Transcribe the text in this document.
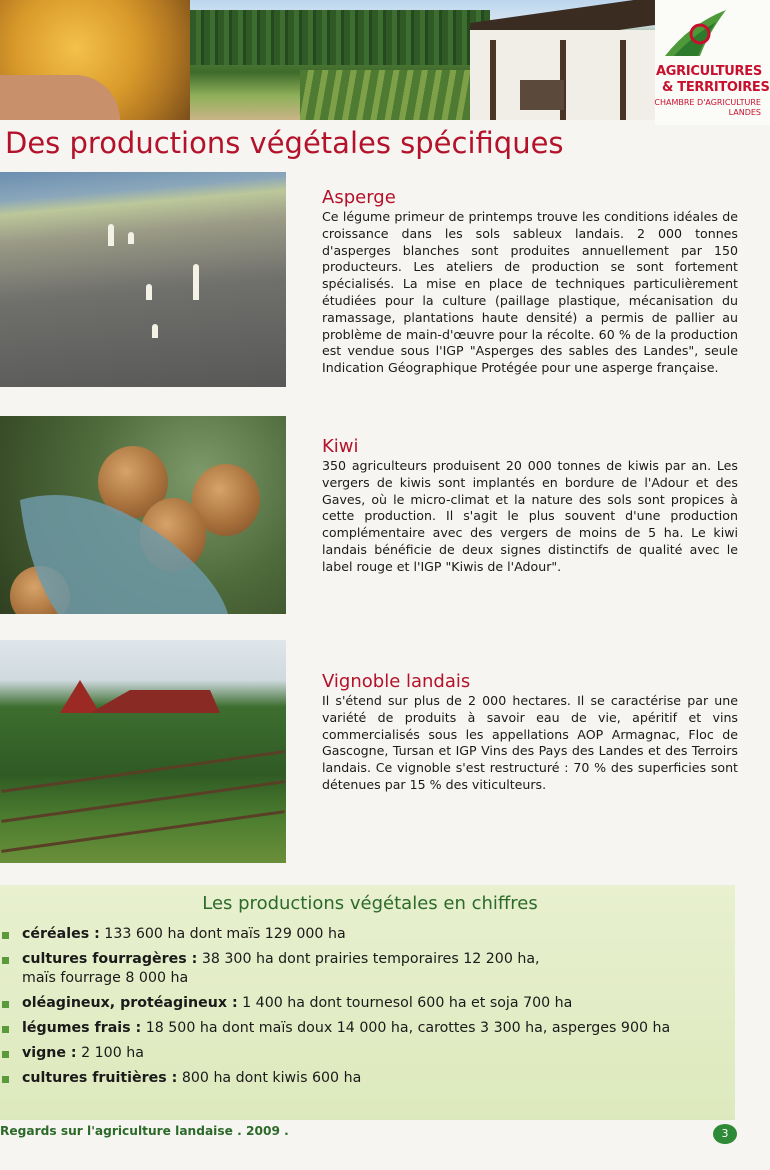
AGRICULTURES
& TERRITOIRES
CHAMBRE D'AGRICULTURE LANDES
Des productions végétales spécifiques
Asperge

Ce légume primeur de printemps trouve les conditions idéales de croissance dans les sols sableux landais. 2 000 tonnes d'asperges blanches sont produites annuellement par 150 producteurs. Les ateliers de production se sont fortement spécialisés. La mise en place de techniques particulièrement étudiées pour la culture (paillage plastique, mécanisation du ramassage, plantations haute densité) a permis de pallier au problème de main-d'œuvre pour la récolte. 60 % de la production est vendue sous l'IGP "Asperges des sables des Landes", seule Indication Géographique Protégée pour une asperge française.

Kiwi

350 agriculteurs produisent 20 000 tonnes de kiwis par an. Les vergers de kiwis sont implantés en bordure de l'Adour et des Gaves, où le micro-climat et la nature des sols sont propices à cette production. Il s'agit le plus souvent d'une production complémentaire avec des vergers de moins de 5 ha. Le kiwi landais bénéficie de deux signes distinctifs de qualité avec le label rouge et l'IGP "Kiwis de l'Adour".

Vignoble landais

Il s'étend sur plus de 2 000 hectares. Il se caractérise par une variété de produits à savoir eau de vie, apéritif et vins commercialisés sous les appellations AOP Armagnac, Floc de Gascogne, Tursan et IGP Vins des Pays des Landes et des Terroirs landais. Ce vignoble s'est restructuré : 70 % des superficies sont détenues par 15 % des viticulteurs.

Les productions végétales en chiffres
céréales : 133 600 ha dont maïs 129 000 ha
cultures fourragères : 38 300 ha dont prairies temporaires 12 200 ha,
maïs fourrage 8 000 ha
oléagineux, protéagineux : 1 400 ha dont tournesol 600 ha et soja 700 ha
légumes frais : 18 500 ha dont maïs doux 14 000 ha, carottes 3 300 ha, asperges 900 ha
vigne : 2 100 ha
cultures fruitières : 800 ha dont kiwis 600 ha
Regards sur l'agriculture landaise . 2009 .	3
